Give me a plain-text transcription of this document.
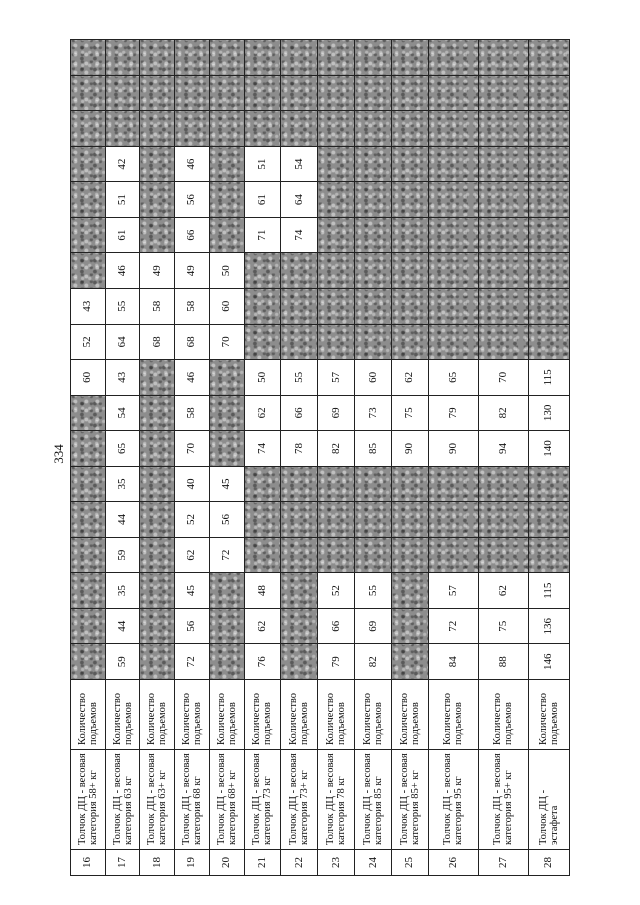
334
16	Толчок ДЦ - весовая категория 58+ кг	Количество подъемов									60	52	43							
17	Толчок ДЦ - весовая категория 63 кг	Количество подъемов	59	44	35	59	44	35	65	54	43	64	55	46	61	51	42			
18	Толчок ДЦ - весовая категория 63+ кг	Количество подъемов										68	58	49						
19	Толчок ДЦ - весовая категория 68 кг	Количество подъемов	72	56	45	62	52	40	70	58	46	68	58	49	66	56	46			
20	Толчок ДЦ - весовая категория 68+ кг	Количество подъемов				72	56	45				70	60	50						
21	Толчок ДЦ - весовая категория 73 кг	Количество подъемов	76	62	48				74	62	50				71	61	51			
22	Толчок ДЦ - весовая категория 73+ кг	Количество подъемов							78	66	55				74	64	54			
23	Толчок ДЦ - весовая категория 78 кг	Количество подъемов	79	66	52				82	69	57									
24	Толчок ДЦ - весовая категория 85 кг	Количество подъемов	82	69	55				85	73	60									
25	Толчок ДЦ - весовая категория 85+ кг	Количество подъемов							90	75	62									
26	Толчок ДЦ - весовая категория 95 кг	Количество подъемов	84	72	57				90	79	65									
27	Толчок ДЦ - весовая категория 95+ кг	Количество подъемов	88	75	62				94	82	70									
28	Толчок ДЦ - эстафета	Количество подъемов	146	136	115				140	130	115									
